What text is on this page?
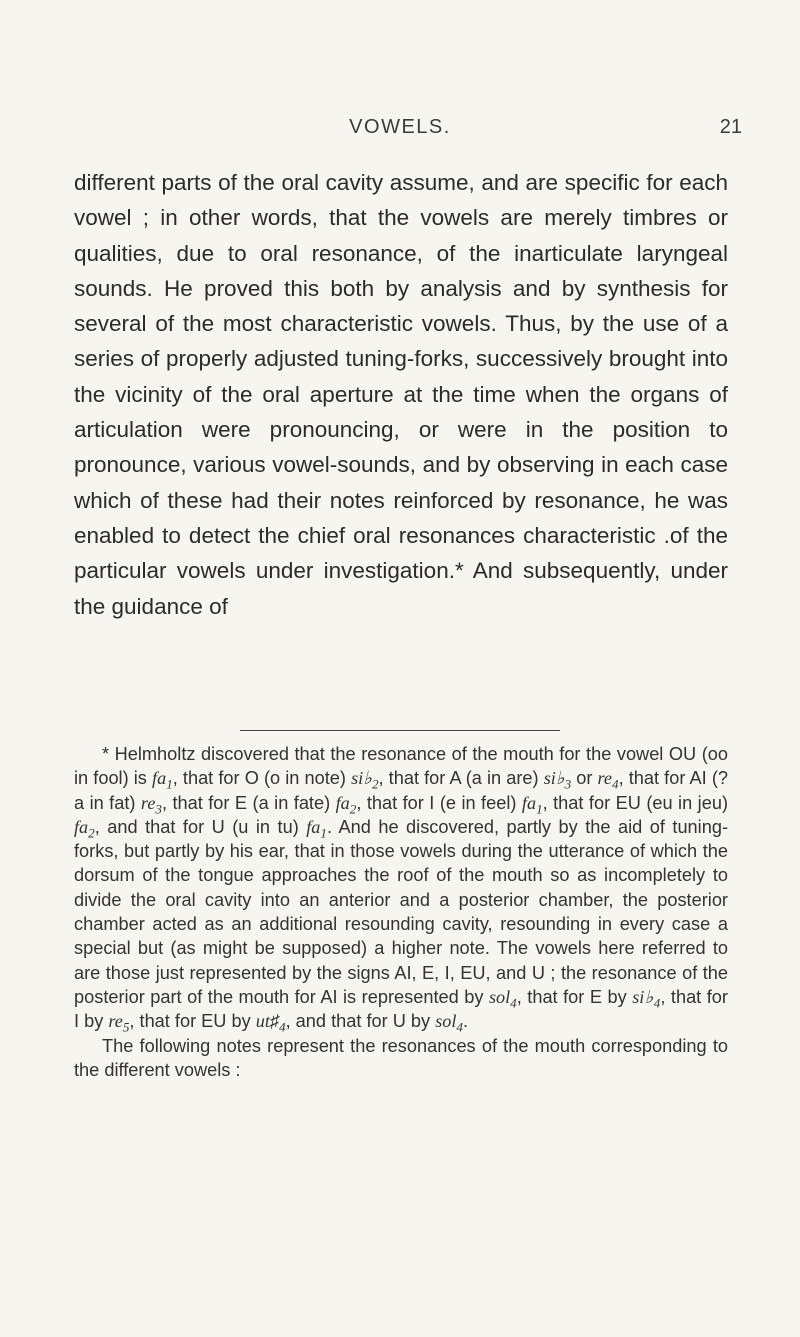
VOWELS.	21

different parts of the oral cavity assume, and are specific for each vowel ; in other words, that the vowels are merely timbres or qualities, due to oral resonance, of the inarticulate laryngeal sounds. He proved this both by analysis and by synthesis for several of the most characteristic vowels. Thus, by the use of a series of properly adjusted tuning-forks, successively brought into the vicinity of the oral aperture at the time when the organs of articulation were pronouncing, or were in the position to pronounce, various vowel-sounds, and by observing in each case which of these had their notes reinforced by resonance, he was enabled to detect the chief oral resonances characteristic .of the particular vowels under investigation.* And subsequently, under the guidance of

* Helmholtz discovered that the resonance of the mouth for the vowel OU (oo in fool) is $fa_1$, that for O (o in note) $si♭_2$, that for A (a in are) $si♭_3$ or $re_4$, that for AI (? a in fat) $re_3$, that for E (a in fate) $fa_2$, that for I (e in feel) $fa_1$, that for EU (eu in jeu) $fa_2$, and that for U (u in tu) $fa_1$. And he discovered, partly by the aid of tuning-forks, but partly by his ear, that in those vowels during the utterance of which the dorsum of the tongue approaches the roof of the mouth so as incompletely to divide the oral cavity into an anterior and a posterior chamber, the posterior chamber acted as an additional resounding cavity, resounding in every case a special but (as might be supposed) a higher note. The vowels here referred to are those just represented by the signs AI, E, I, EU, and U ; the resonance of the posterior part of the mouth for AI is represented by sol$_4$, that for E by $si♭_4$, that for I by $re_5$, that for EU by $ut♯_4$, and that for U by sol$_4$.

The following notes represent the resonances of the mouth corresponding to the different vowels :
